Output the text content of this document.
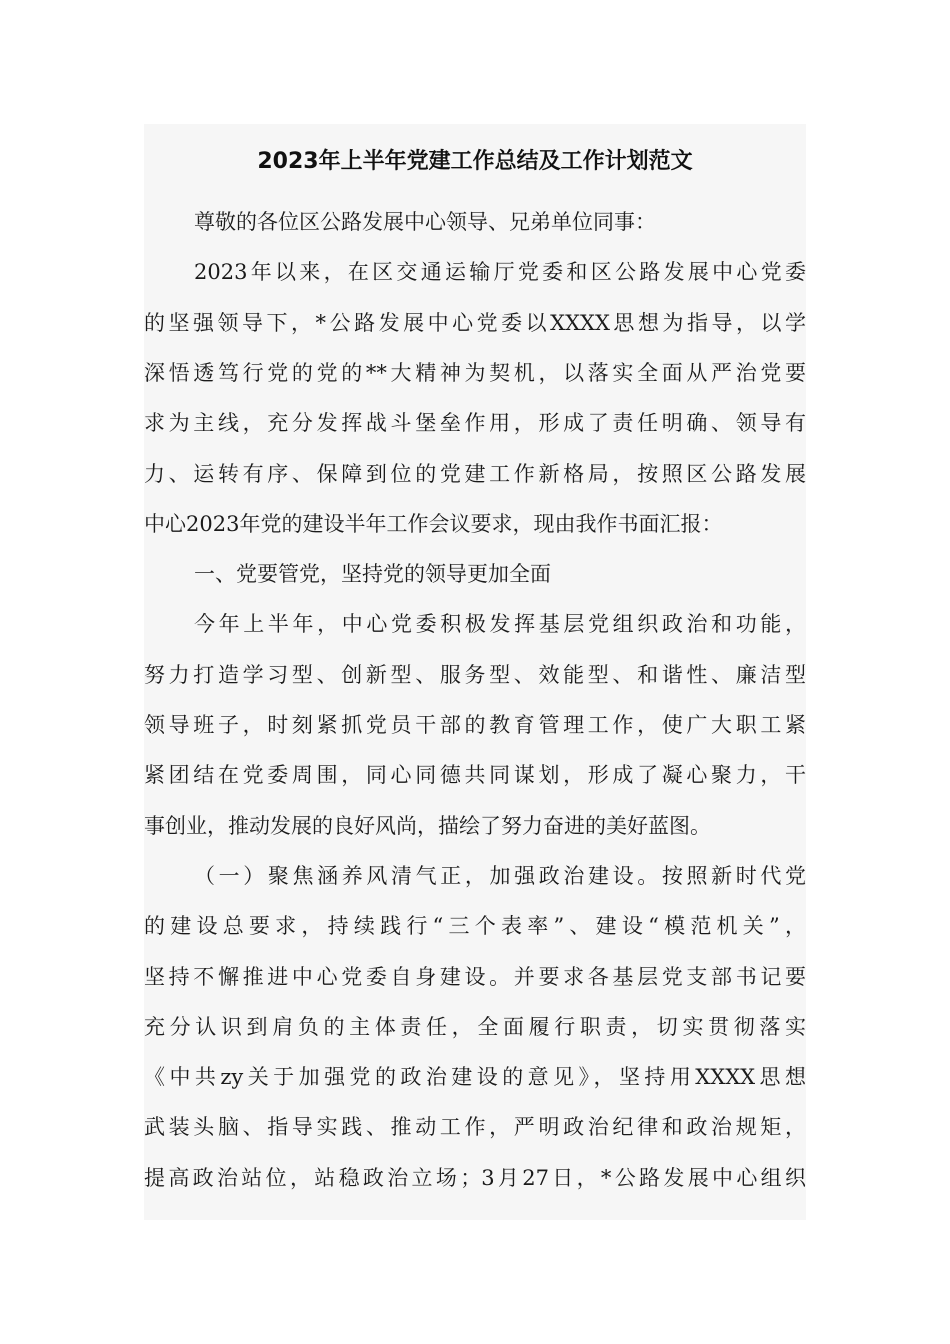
2023年上半年党建工作总结及工作计划范文
尊敬的各位区公路发展中心领导、兄弟单位同事：
2023年以来，在区交通运输厅党委和区公路发展中心党委
的坚强领导下，*公路发展中心党委以XXXX思想为指导，以学
深悟透笃行党的党的**大精神为契机，以落实全面从严治党要
求为主线，充分发挥战斗堡垒作用，形成了责任明确、领导有
力、运转有序、保障到位的党建工作新格局，按照区公路发展
中心2023年党的建设半年工作会议要求，现由我作书面汇报：
一、党要管党，坚持党的领导更加全面
今年上半年，中心党委积极发挥基层党组织政治和功能，
努力打造学习型、创新型、服务型、效能型、和谐性、廉洁型
领导班子，时刻紧抓党员干部的教育管理工作，使广大职工紧
紧团结在党委周围，同心同德共同谋划，形成了凝心聚力，干
事创业，推动发展的良好风尚，描绘了努力奋进的美好蓝图。
（一）聚焦涵养风清气正，加强政治建设。按照新时代党
的建设总要求，持续践行“三个表率”、建设“模范机关”，
坚持不懈推进中心党委自身建设。并要求各基层党支部书记要
充分认识到肩负的主体责任，全面履行职责，切实贯彻落实
《中共zy关于加强党的政治建设的意见》，坚持用XXXX思想
武装头脑、指导实践、推动工作，严明政治纪律和政治规矩，
提高政治站位，站稳政治立场；3月27日，*公路发展中心组织
